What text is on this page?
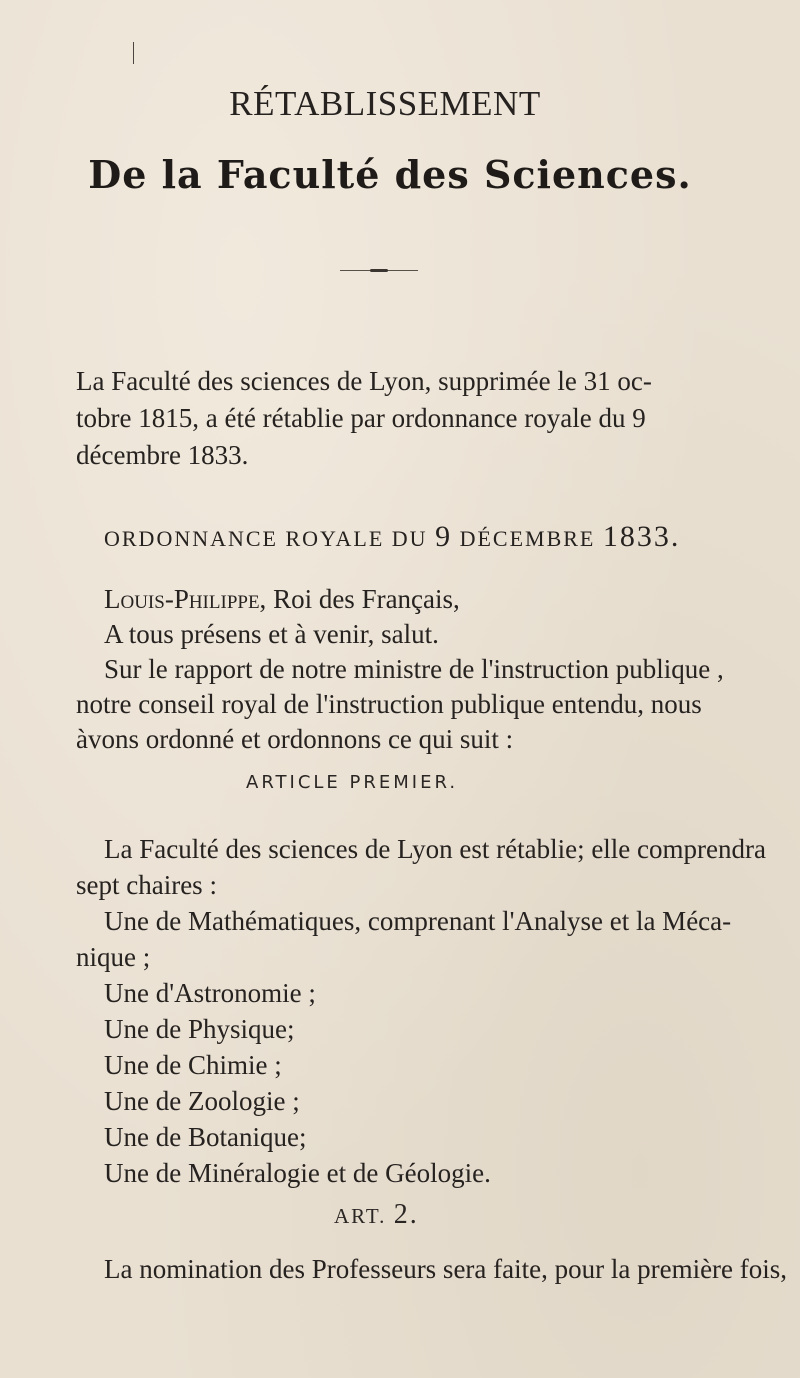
RÉTABLISSEMENT
De la Faculté des Sciences.
La Faculté des sciences de Lyon, supprimée le 31 oc-
tobre 1815, a été rétablie par ordonnance royale du 9
décembre 1833.
ORDONNANCE ROYALE DU 9 DÉCEMBRE 1833.
Louis-Philippe, Roi des Français,
A tous présens et à venir, salut.
Sur le rapport de notre ministre de l'instruction publique ,
notre conseil royal de l'instruction publique entendu, nous
àvons ordonné et ordonnons ce qui suit :
ARTICLE PREMIER.
La Faculté des sciences de Lyon est rétablie; elle comprendra
sept chaires :
Une de Mathématiques, comprenant l'Analyse et la Méca-
nique ;
Une d'Astronomie ;
Une de Physique;
Une de Chimie ;
Une de Zoologie ;
Une de Botanique;
Une de Minéralogie et de Géologie.
ART. 2.
La nomination des Professeurs sera faite, pour la première fois,
